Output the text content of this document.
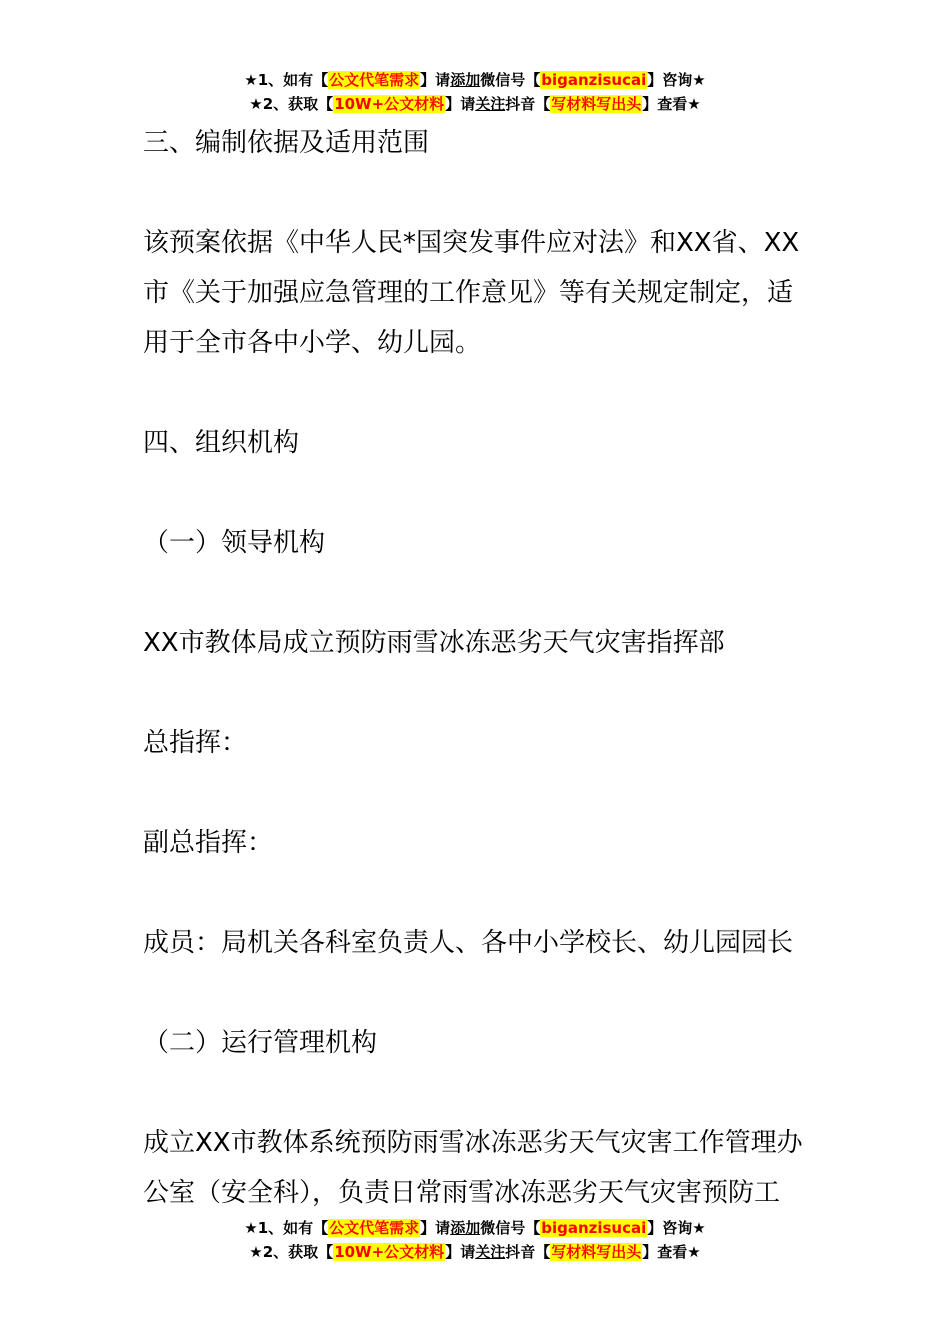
★1、如有【公文代笔需求】请添加微信号【biganzisucai】咨询★
★2、获取【10W+公文材料】请关注抖音【写材料写出头】查看★

三、编制依据及适用范围

该预案依据《中华人民*国突发事件应对法》和XX省、XX市《关于加强应急管理的工作意见》等有关规定制定，适用于全市各中小学、幼儿园。

四、组织机构

（一）领导机构

XX市教体局成立预防雨雪冰冻恶劣天气灾害指挥部

总指挥：

副总指挥：

成员：局机关各科室负责人、各中小学校长、幼儿园园长

（二）运行管理机构

成立XX市教体系统预防雨雪冰冻恶劣天气灾害工作管理办公室（安全科），负责日常雨雪冰冻恶劣天气灾害预防工

★1、如有【公文代笔需求】请添加微信号【biganzisucai】咨询★
★2、获取【10W+公文材料】请关注抖音【写材料写出头】查看★
